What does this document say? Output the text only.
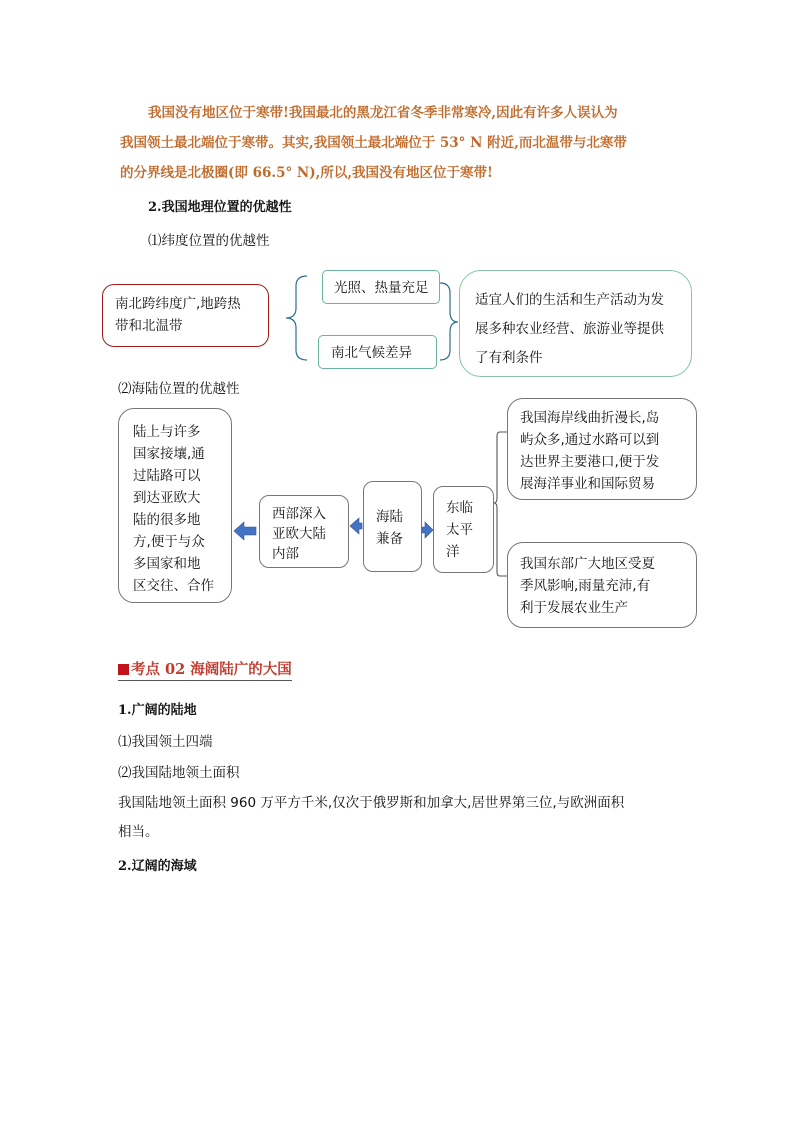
我国没有地区位于寒带!我国最北的黑龙江省冬季非常寒冷,因此有许多人误认为
我国领土最北端位于寒带。其实,我国领土最北端位于 53° N 附近,而北温带与北寒带
的分界线是北极圈(即 66.5° N),所以,我国没有地区位于寒带!
2.我国地理位置的优越性
⑴纬度位置的优越性
南北跨纬度广,地跨热
带和北温带
光照、热量充足
南北气候差异
适宜人们的生活和生产活动为发
展多种农业经营、旅游业等提供
了有利条件
⑵海陆位置的优越性
陆上与许多
国家接壤,通
过陆路可以
到达亚欧大
陆的很多地
方,便于与众
多国家和地
区交往、合作
西部深入
亚欧大陆
内部
海陆
兼备
东临
太平
洋
我国海岸线曲折漫长,岛
屿众多,通过水路可以到
达世界主要港口,便于发
展海洋事业和国际贸易
我国东部广大地区受夏
季风影响,雨量充沛,有
利于发展农业生产
考点 02 海阔陆广的大国
1.广阔的陆地
⑴我国领土四端
⑵我国陆地领土面积
我国陆地领土面积 960 万平方千米,仅次于俄罗斯和加拿大,居世界第三位,与欧洲面积
相当。
2.辽阔的海域
